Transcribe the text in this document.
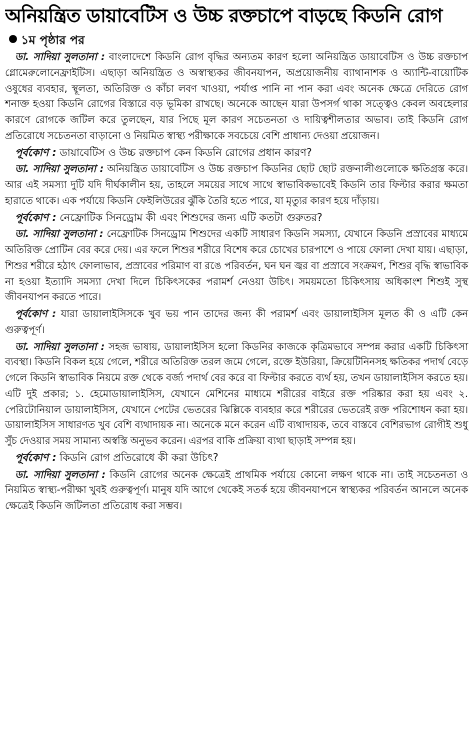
অনিয়ন্ত্রিত ডায়াবেটিস ও উচ্চ রক্তচাপে বাড়ছে কিডনি রোগ
১ম পৃষ্ঠার পর

ডা. সাদিয়া সুলতানা : বাংলাদেশে কিডনি রোগ বৃদ্ধির অন্যতম কারণ হলো অনিয়ন্ত্রিত ডায়াবেটিস ও উচ্চ রক্তচাপ গ্লোমেরুলোনেফ্রাইটিস। এছাড়া অনিয়ন্ত্রিত ও অস্বাস্থ্যকর জীবনযাপন, অপ্রয়োজনীয় ব্যাথানাশক ও অ্যান্টি-বায়োটিক ওষুধের ব্যবহার, স্থূলতা, অতিরিক্ত ও কাঁচা লবণ খাওয়া, পর্যাপ্ত পানি না পান করা এবং অনেক ক্ষেত্রে দেরিতে রোগ শনাক্ত হওয়া কিডনি রোগের বিস্তারে বড় ভূমিকা রাখছে। অনেকে আছেন যারা উপসর্গ থাকা সত্ত্বেও কেবল অবহেলার কারণে রোগকে জটিল করে তুলছেন, যার পিছে মূল কারণ সচেতনতা ও দায়িত্বশীলতার অভাব। তাই কিডনি রোগ প্রতিরোধে সচেতনতা বাড়ানো ও নিয়মিত স্বাস্থ্য পরীক্ষাকে সবচেয়ে বেশি প্রাধান্য দেওয়া প্রয়োজন।

পূর্বকোণ : ডায়াবেটিস ও উচ্চ রক্তচাপ কেন কিডনি রোগের প্রধান কারণ?

ডা. সাদিয়া সুলতানা : অনিয়ন্ত্রিত ডায়াবেটিস ও উচ্চ রক্তচাপ কিডনির ছোট ছোট রক্তনালীগুলোকে ক্ষতিগ্রস্ত করে। আর এই সমস্যা দুটি যদি দীর্ঘকালীন হয়, তাহলে সময়ের সাথে সাথে স্বাভাবিকভাবেই কিডনি তার ফিল্টার করার ক্ষমতা হারাতে থাকে। এক পর্যায়ে কিডনি ফেইলিউরের ঝুঁকি তৈরি হতে পারে, যা মৃত্যুর কারণ হয়ে দাঁড়ায়।

পূর্বকোণ : নেফ্রোটিক সিনড্রোম কী এবং শিশুদের জন্য এটি কতটা গুরুতর?

ডা. সাদিয়া সুলতানা : নেফ্রোটিক সিনড্রোম শিশুদের একটি সাধারণ কিডনি সমস্যা, যেখানে কিডনি প্রস্রাবের মাধ্যমে অতিরিক্ত প্রোটিন বের করে দেয়। এর ফলে শিশুর শরীরে বিশেষ করে চোখের চারপাশে ও পায়ে ফোলা দেখা যায়। এছাড়া, শিশুর শরীরে হঠাৎ ফোলাভাব, প্রস্রাবের পরিমাণ বা রঙে পরিবর্তন, ঘন ঘন জ্বর বা প্রস্রাবে সংক্রমণ, শিশুর বৃদ্ধি স্বাভাবিক না হওয়া ইত্যাদি সমস্যা দেখা দিলে চিকিৎসকের পরামর্শ নেওয়া উচিৎ। সময়মতো চিকিৎসায় অধিকাংশ শিশুই সুস্থ জীবনযাপন করতে পারে।

পূর্বকোণ : যারা ডায়ালাইসিসকে খুব ভয় পান তাদের জন্য কী পরামর্শ এবং ডায়ালাইসিস মূলত কী ও এটি কেন গুরুত্বপূর্ণ।

ডা. সাদিয়া সুলতানা : সহজ ভাষায়, ডায়ালাইসিস হলো কিডনির কাজকে কৃত্রিমভাবে সম্পন্ন করার একটি চিকিৎসা ব্যবস্থা। কিডনি বিকল হয়ে গেলে, শরীরে অতিরিক্ত তরল জমে গেলে, রক্তে ইউরিয়া, ক্রিয়েটিনিনসহ ক্ষতিকর পদার্থ বেড়ে গেলে কিডনি স্বাভাবিক নিয়মে রক্ত থেকে বর্জ্য পদার্থ বের করে বা ফিল্টার করতে ব্যর্থ হয়, তখন ডায়ালাইসিস করতে হয়। এটি দুই প্রকার; ১. হেমোডায়ালাইসিস, যেখানে মেশিনের মাধ্যমে শরীরের বাইরে রক্ত পরিষ্কার করা হয় এবং ২. পেরিটোনিয়াল ডায়ালাইসিস, যেখানে পেটের ভেতরের ঝিল্লিকে ব্যবহার করে শরীরের ভেতরেই রক্ত পরিশোধন করা হয়। ডায়ালাইসিস সাধারণত খুব বেশি ব্যথাদায়ক না। অনেকে মনে করেন এটি ব্যথাদায়ক, তবে বাস্তবে বেশিরভাগ রোগীই শুধু সুঁচ দেওয়ার সময় সামান্য অস্বস্তি অনুভব করেন। এরপর বাকি প্রক্রিয়া ব্যথা ছাড়াই সম্পন্ন হয়।

পূর্বকোণ : কিডনি রোগ প্রতিরোধে কী করা উচিৎ?

ডা. সাদিয়া সুলতানা : কিডনি রোগের অনেক ক্ষেত্রেই প্রাথমিক পর্যায়ে কোনো লক্ষণ থাকে না। তাই সচেতনতা ও নিয়মিত স্বাস্থ্য-পরীক্ষা খুবই গুরুত্বপূর্ণ। মানুষ যদি আগে থেকেই সতর্ক হয়ে জীবনযাপনে স্বাস্থ্যকর পরিবর্তন আনলে অনেক ক্ষেত্রেই কিডনি জটিলতা প্রতিরোধ করা সম্ভব।
